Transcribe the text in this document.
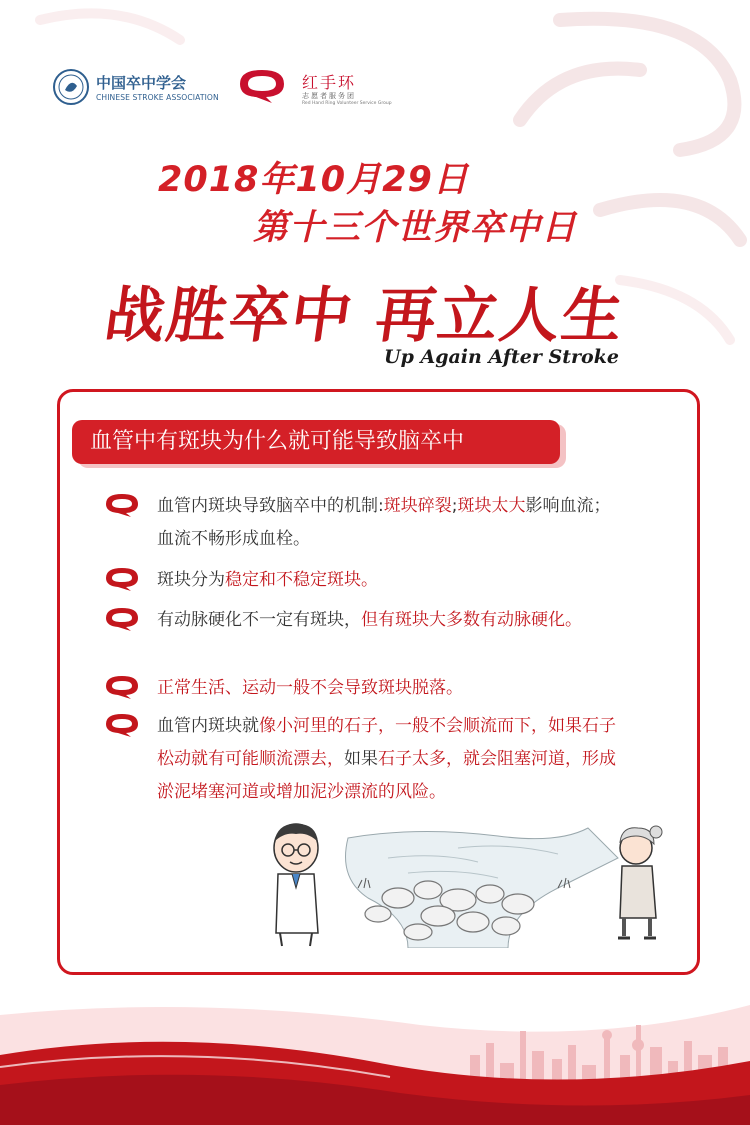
中国卒中学会
CHINESE STROKE ASSOCIATION
红手环
志愿者服务团
Red Hand Ring Volunteer Service Group
2018年10月29日
第十三个世界卒中日
战胜卒中 再立人生
Up Again After Stroke
血管中有斑块为什么就可能导致脑卒中
血管内斑块导致脑卒中的机制:斑块碎裂;斑块太大影响血流；血流不畅形成血栓。
斑块分为稳定和不稳定斑块。
有动脉硬化不一定有斑块，但有斑块大多数有动脉硬化。
正常生活、运动一般不会导致斑块脱落。
血管内斑块就像小河里的石子，一般不会顺流而下，如果石子松动就有可能顺流漂去，如果石子太多，就会阻塞河道，形成淤泥堵塞河道或增加泥沙漂流的风险。
